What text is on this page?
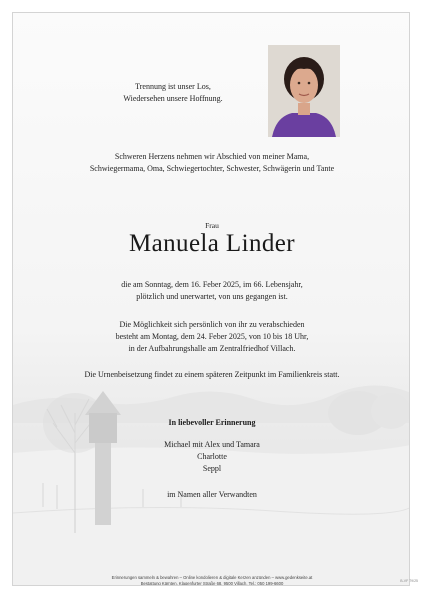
Trennung ist unser Los,
Wiedersehen unsere Hoffnung.
Schweren Herzens nehmen wir Abschied von meiner Mama,
Schwiegermama, Oma, Schwiegertochter, Schwester, Schwägerin und Tante
Frau
Manuela Linder
die am Sonntag, dem 16. Feber 2025, im 66. Lebensjahr,
plötzlich und unerwartet, von uns gegangen ist.
Die Möglichkeit sich persönlich von ihr zu verabschieden
besteht am Montag, dem 24. Feber 2025, von 10 bis 18 Uhr,
in der Aufbahrungshalle am Zentralfriedhof Villach.
Die Urnenbeisetzung findet zu einem späteren Zeitpunkt im Familienkreis statt.
In liebevoller Erinnerung
Michael mit Alex und Tamara
Charlotte
Seppl
im Namen aller Verwandten
Erinnerungen sammeln & bewahren – Online kondolieren & digitale Kerzen anzünden – www.gedenkseite.at
Bestattung Kärnten, Klagenfurter Straße 68, 9500 Villach, Tel.: 050 199-6600	B-VF 79/25
